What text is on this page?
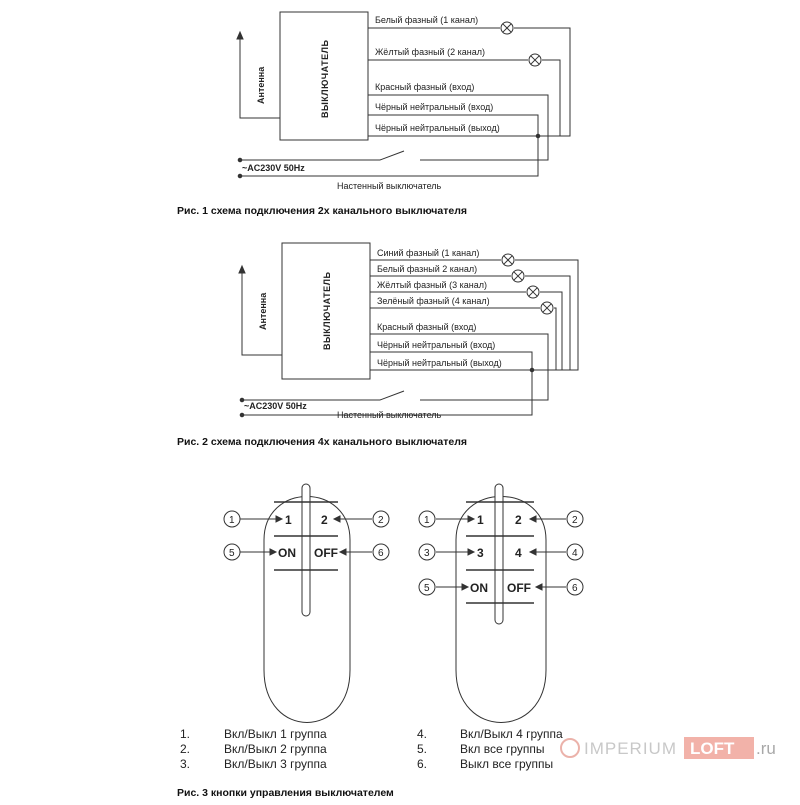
ВЫКЛЮЧАТЕЛЬ
Антенна
Белый фазный (1 канал)
Жёлтый фазный (2 канал)
Красный фазный (вход)
Чёрный нейтральный (вход)
Чёрный нейтральный (выход)
~AC230V 50Hz
Настенный выключатель
Рис. 1 схема подключения 2х канального выключателя
ВЫКЛЮЧАТЕЛЬ
Антенна
Синий фазный (1 канал)
Белый фазный 2 канал)
Жёлтый фазный (3 канал)
Зелёный фазный (4 канал)
Красный фазный (вход)
Чёрный нейтральный (вход)
Чёрный нейтральный (выход)
~AC230V 50Hz
Настенный выключатель
Рис. 2 схема подключения 4х канального выключателя
1 2
ON OFF
1	2
3	4
ON OFF
1	2
5	6
1	2
3	4
5	6
1.	Вкл/Выкл 1 группа
2.	Вкл/Выкл 2 группа
3.	Вкл/Выкл 3 группа
4.	Вкл/Выкл 4 группа
5.	Вкл все группы
6.	Выкл все группы
Рис. 3 кнопки управления выключателем
IMPERIUM LOFT .ru
